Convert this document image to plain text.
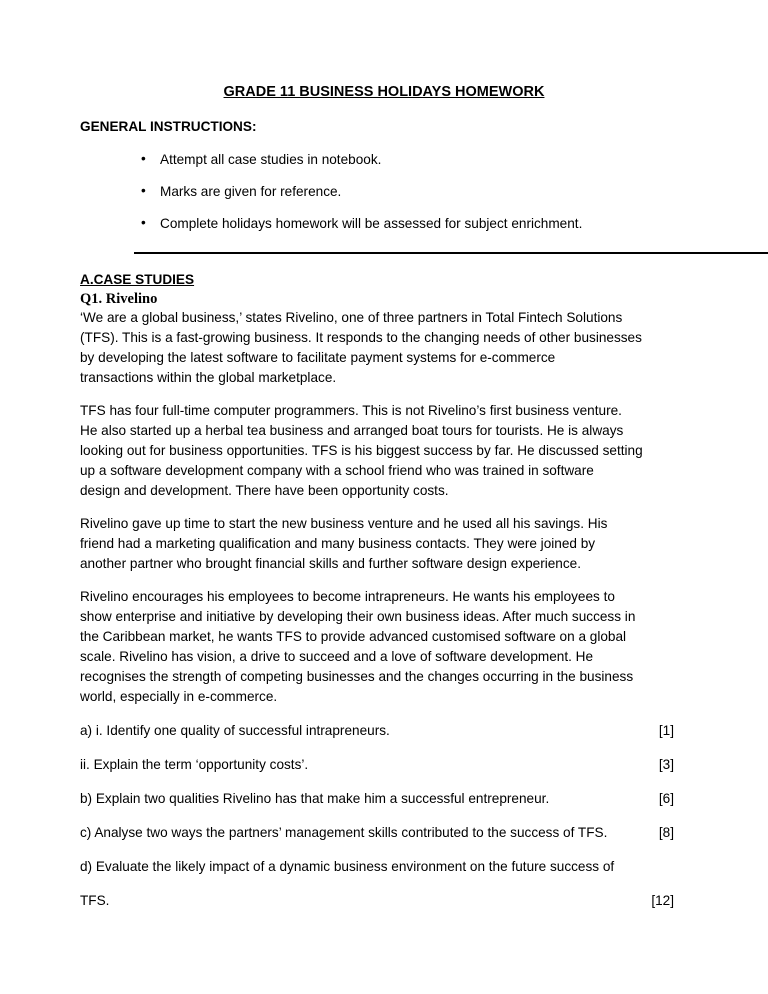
GRADE 11 BUSINESS HOLIDAYS HOMEWORK
GENERAL INSTRUCTIONS:
• Attempt all case studies in notebook.
• Marks are given for reference.
• Complete holidays homework will be assessed for subject enrichment.
A.CASE STUDIES
Q1. Rivelino
‘We are a global business,’ states Rivelino, one of three partners in Total Fintech Solutions
(TFS). This is a fast-growing business. It responds to the changing needs of other businesses
by developing the latest software to facilitate payment systems for e-commerce
transactions within the global marketplace.
TFS has four full-time computer programmers. This is not Rivelino’s first business venture.
He also started up a herbal tea business and arranged boat tours for tourists. He is always
looking out for business opportunities. TFS is his biggest success by far. He discussed setting
up a software development company with a school friend who was trained in software
design and development. There have been opportunity costs.
Rivelino gave up time to start the new business venture and he used all his savings. His
friend had a marketing qualification and many business contacts. They were joined by
another partner who brought financial skills and further software design experience.
Rivelino encourages his employees to become intrapreneurs. He wants his employees to
show enterprise and initiative by developing their own business ideas. After much success in
the Caribbean market, he wants TFS to provide advanced customised software on a global
scale. Rivelino has vision, a drive to succeed and a love of software development. He
recognises the strength of competing businesses and the changes occurring in the business
world, especially in e-commerce.
a) i. Identify one quality of successful intrapreneurs.	[1]
ii. Explain the term ‘opportunity costs’.	[3]
b) Explain two qualities Rivelino has that make him a successful entrepreneur.	[6]
c) Analyse two ways the partners’ management skills contributed to the success of TFS.	[8]
d) Evaluate the likely impact of a dynamic business environment on the future success of
TFS.	[12]
